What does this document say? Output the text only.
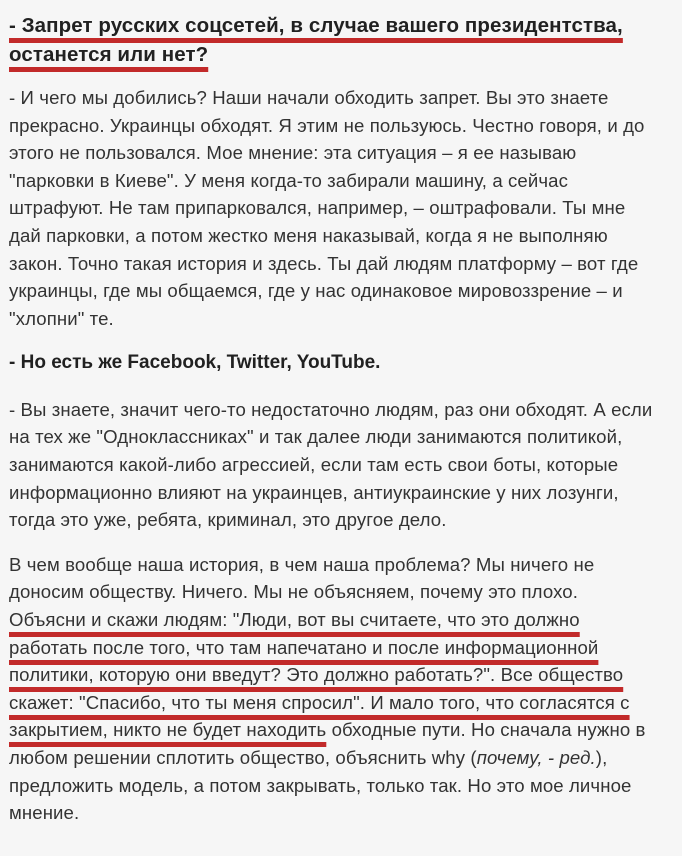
- Запрет русских соцсетей, в случае вашего президентства, останется или нет?

- И чего мы добились? Наши начали обходить запрет. Вы это знаете прекрасно. Украинцы обходят. Я этим не пользуюсь. Честно говоря, и до этого не пользовался. Мое мнение: эта ситуация – я ее называю "парковки в Киеве". У меня когда-то забирали машину, а сейчас штрафуют. Не там припарковался, например, – оштрафовали. Ты мне дай парковки, а потом жестко меня наказывай, когда я не выполняю закон. Точно такая история и здесь. Ты дай людям платформу – вот где украинцы, где мы общаемся, где у нас одинаковое мировоззрение – и "хлопни" те.

- Но есть же Facebook, Twitter, YouTube.

- Вы знаете, значит чего-то недостаточно людям, раз они обходят. А если на тех же "Одноклассниках" и так далее люди занимаются политикой, занимаются какой-либо агрессией, если там есть свои боты, которые информационно влияют на украинцев, антиукраинские у них лозунги, тогда это уже, ребята, криминал, это другое дело.

В чем вообще наша история, в чем наша проблема? Мы ничего не доносим обществу. Ничего. Мы не объясняем, почему это плохо. Объясни и скажи людям: "Люди, вот вы считаете, что это должно работать после того, что там напечатано и после информационной политики, которую они введут? Это должно работать?". Все общество скажет: "Спасибо, что ты меня спросил". И мало того, что согласятся с закрытием, никто не будет находить обходные пути. Но сначала нужно в любом решении сплотить общество, объяснить why (почему, - ред.), предложить модель, а потом закрывать, только так. Но это мое личное мнение.
